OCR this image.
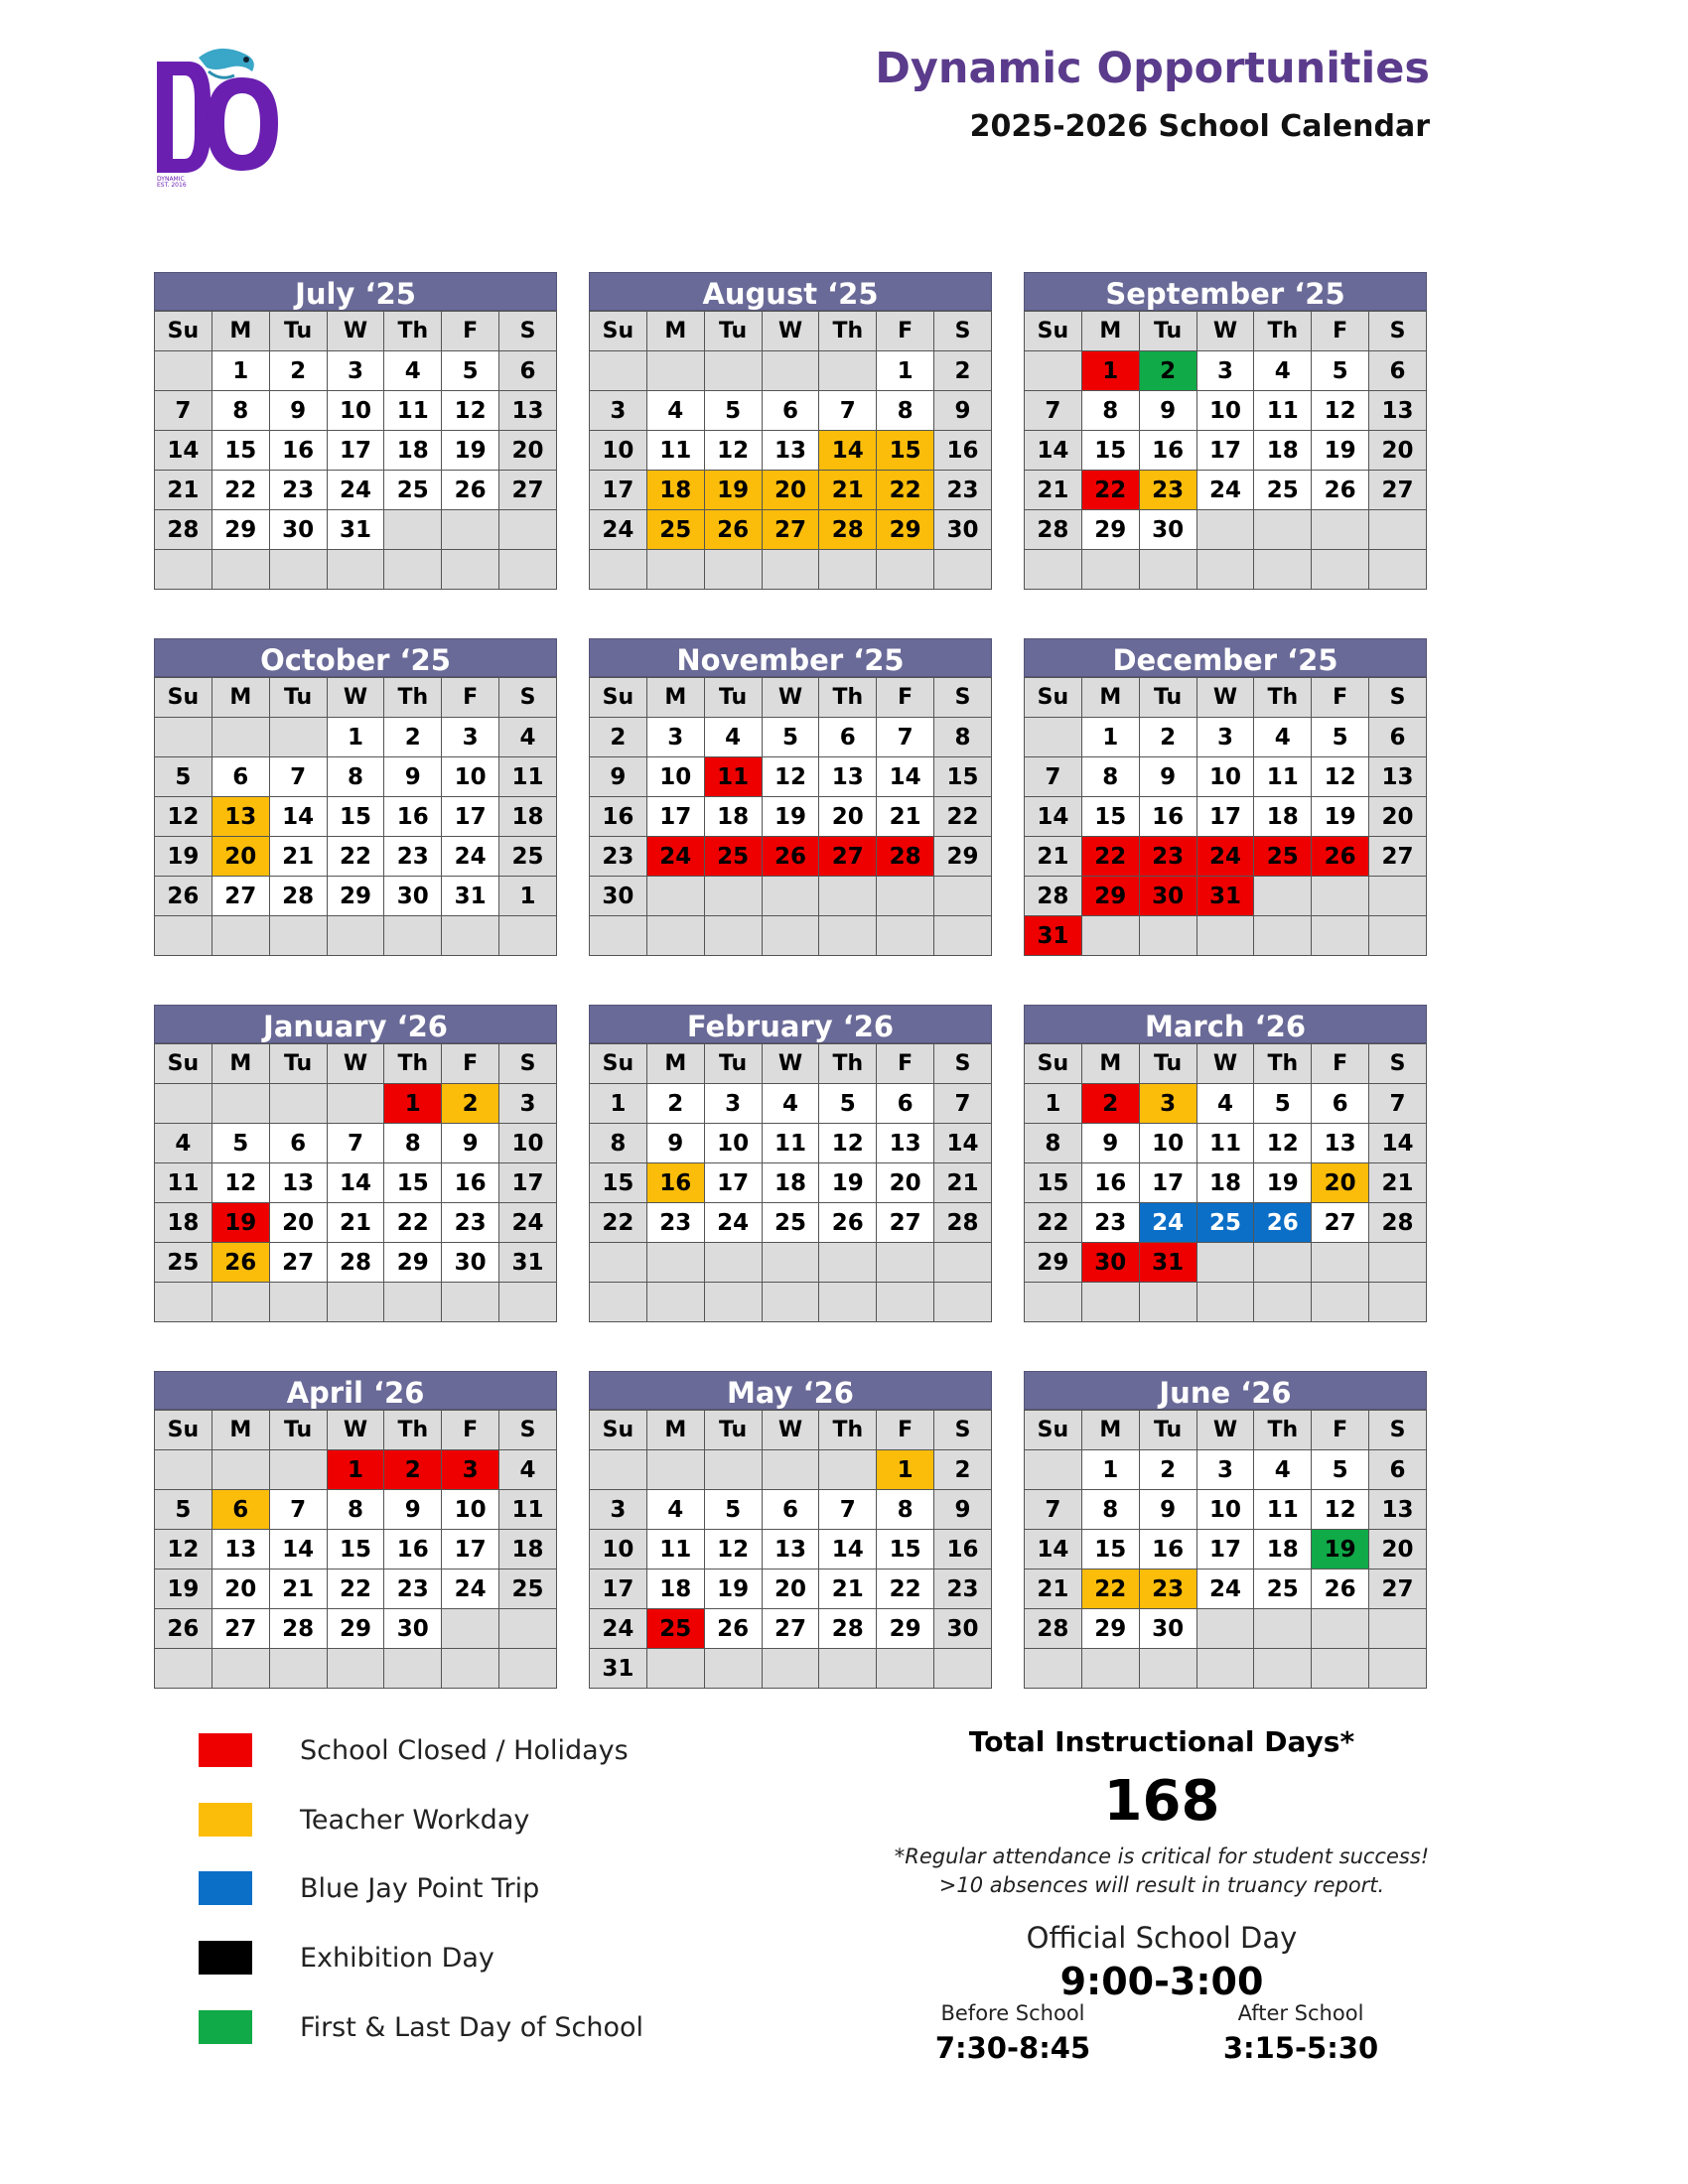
DYNAMIC
EST. 2016
Dynamic Opportunities
2025-2026 School Calendar
July ‘25
Su	M	Tu	W	Th	F	S
	1	2	3	4	5	6
7	8	9	10	11	12	13
14	15	16	17	18	19	20
21	22	23	24	25	26	27
28	29	30	31			

August ‘25
Su	M	Tu	W	Th	F	S
					1	2
3	4	5	6	7	8	9
10	11	12	13	14	15	16
17	18	19	20	21	22	23
24	25	26	27	28	29	30

September ‘25
Su	M	Tu	W	Th	F	S
	1	2	3	4	5	6
7	8	9	10	11	12	13
14	15	16	17	18	19	20
21	22	23	24	25	26	27
28	29	30				

October ‘25
Su	M	Tu	W	Th	F	S
			1	2	3	4
5	6	7	8	9	10	11
12	13	14	15	16	17	18
19	20	21	22	23	24	25
26	27	28	29	30	31	1

November ‘25
Su	M	Tu	W	Th	F	S
2	3	4	5	6	7	8
9	10	11	12	13	14	15
16	17	18	19	20	21	22
23	24	25	26	27	28	29
30						

December ‘25
Su	M	Tu	W	Th	F	S
	1	2	3	4	5	6
7	8	9	10	11	12	13
14	15	16	17	18	19	20
21	22	23	24	25	26	27
28	29	30	31			
31						
January ‘26
Su	M	Tu	W	Th	F	S
				1	2	3
4	5	6	7	8	9	10
11	12	13	14	15	16	17
18	19	20	21	22	23	24
25	26	27	28	29	30	31

February ‘26
Su	M	Tu	W	Th	F	S
1	2	3	4	5	6	7
8	9	10	11	12	13	14
15	16	17	18	19	20	21
22	23	24	25	26	27	28

March ‘26
Su	M	Tu	W	Th	F	S
1	2	3	4	5	6	7
8	9	10	11	12	13	14
15	16	17	18	19	20	21
22	23	24	25	26	27	28
29	30	31				

April ‘26
Su	M	Tu	W	Th	F	S
			1	2	3	4
5	6	7	8	9	10	11
12	13	14	15	16	17	18
19	20	21	22	23	24	25
26	27	28	29	30		

May ‘26
Su	M	Tu	W	Th	F	S
					1	2
3	4	5	6	7	8	9
10	11	12	13	14	15	16
17	18	19	20	21	22	23
24	25	26	27	28	29	30
31						
June ‘26
Su	M	Tu	W	Th	F	S
	1	2	3	4	5	6
7	8	9	10	11	12	13
14	15	16	17	18	19	20
21	22	23	24	25	26	27
28	29	30				

School Closed / Holidays
Teacher Workday
Blue Jay Point Trip
Exhibition Day
First & Last Day of School
Total Instructional Days*
168
*Regular attendance is critical for student success!
>10 absences will result in truancy report.
Official School Day
9:00-3:00
Before School
7:30-8:45
After School
3:15-5:30
